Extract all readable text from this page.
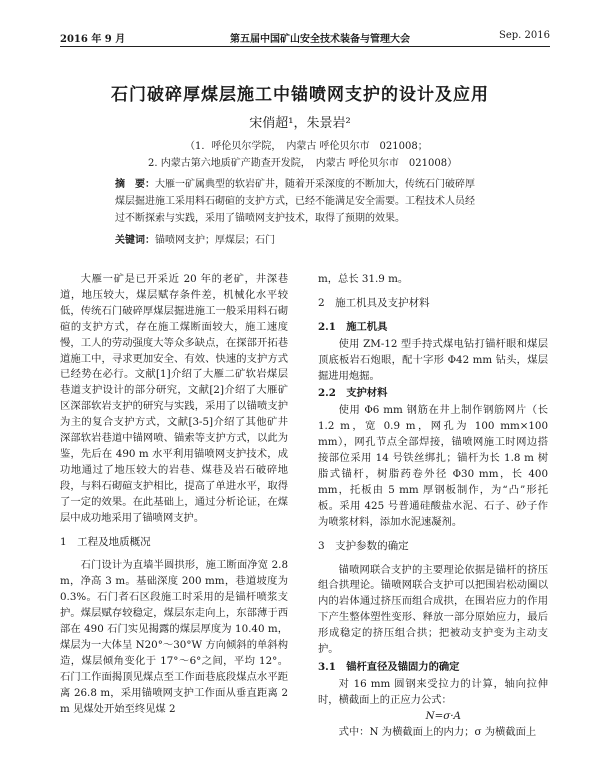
2016 年 9 月	第五届中国矿山安全技术装备与管理大会	Sep. 2016
石门破碎厚煤层施工中锚喷网支护的设计及应用
宋俏超¹，朱景岩²
（1．呼伦贝尔学院，　内蒙古 呼伦贝尔市　021008；
2. 内蒙古第六地质矿产勘查开发院，　内蒙古 呼伦贝尔市　021008）
摘　要：大雁一矿属典型的软岩矿井，随着开采深度的不断加大，传统石门破碎厚煤层掘进施工采用料石砌碹的支护方式，已经不能满足安全需要。工程技术人员经过不断探索与实践，采用了锚喷网支护技术，取得了预期的效果。
关键词：锚喷网支护；厚煤层；石门

大雁一矿是已开采近 20 年的老矿，井深巷道，地压较大，煤层赋存条件差，机械化水平较低，传统石门破碎厚煤层掘进施工一般采用料石砌碹的支护方式，存在施工煤断面较大，施工速度慢，工人的劳动强度大等众多缺点，在探部开拓巷道施工中，寻求更加安全、有效、快速的支护方式已经势在必行。文献[1]介绍了大雁二矿软岩煤层巷道支护设计的部分研究，文献[2]介绍了大雁矿区深部软岩支护的研究与实践，采用了以锚喷支护为主的复合支护方式，文献[3-5]介绍了其他矿井深部软岩巷道中锚网喷、锚索等支护方式，以此为鉴，先后在 490 m 水平利用锚喷网支护技术，成功地通过了地压较大的岩巷、煤巷及岩石破碎地段，与料石砌碹支护相比，提高了单进水平，取得了一定的效果。在此基础上，通过分析论证，在煤层中成功地采用了锚喷网支护。

1　工程及地质概况

石门设计为直墙半圆拱形，施工断面净宽 2.8 m，净高 3 m。基础深度 200 mm，巷道坡度为 0.3%。石门者石区段施工时采用的是锚杆喷浆支护。煤层赋存较稳定，煤层东走向上，东部薄于西部在 490 石门实见揭露的煤层厚度为 10.40 m，煤层为一大体呈 N20°～30°W 方向倾斜的单斜构造，煤层倾角变化于 17°～6°之间，平均 12°。石门工作面揭顶见煤点至工作面巷底段煤点水平距离 26.8 m，采用锚喷网支护工作面从垂直距离 2 m 见煤处开始至终见煤 2

m，总长 31.9 m。

2　施工机具及支护材料

2.1　施工机具

使用 ZM-12 型手持式煤电钻打锚杆眼和煤层顶底板岩石炮眼，配十字形 Φ42 mm 钻头，煤层掘进用炮掘。

2.2　支护材料

使用 Φ6 mm 钢筋在井上制作钢筋网片（长 1.2 m，宽 0.9 m，网孔为 100 mm×100 mm），网孔节点全部焊接，锚喷网施工时网边搭接部位采用 14 号铁丝绑扎；锚杆为长 1.8 m 树脂式锚杆，树脂药卷外径 Φ30 mm，长 400 mm，托板由 5 mm 厚钢板制作，为“凸”形托板。采用 425 号普通硅酸盐水泥、石子、砂子作为喷浆材料，添加水泥速凝剂。

3　支护参数的确定

锚喷网联合支护的主要理论依据是锚杆的挤压组合拱理论。锚喷网联合支护可以把围岩松动圈以内的岩体通过挤压而组合成拱，在围岩应力的作用下产生整体塑性变形、释放一部分原始应力，最后形成稳定的挤压组合拱；把被动支护变为主动支护。

3.1　锚杆直径及锚固力的确定

对 16 mm 圆钢来受拉力的计算，轴向拉伸时，横截面上的正应力公式：

N=σ·A

式中：N 为横截面上的内力；σ 为横截面上
